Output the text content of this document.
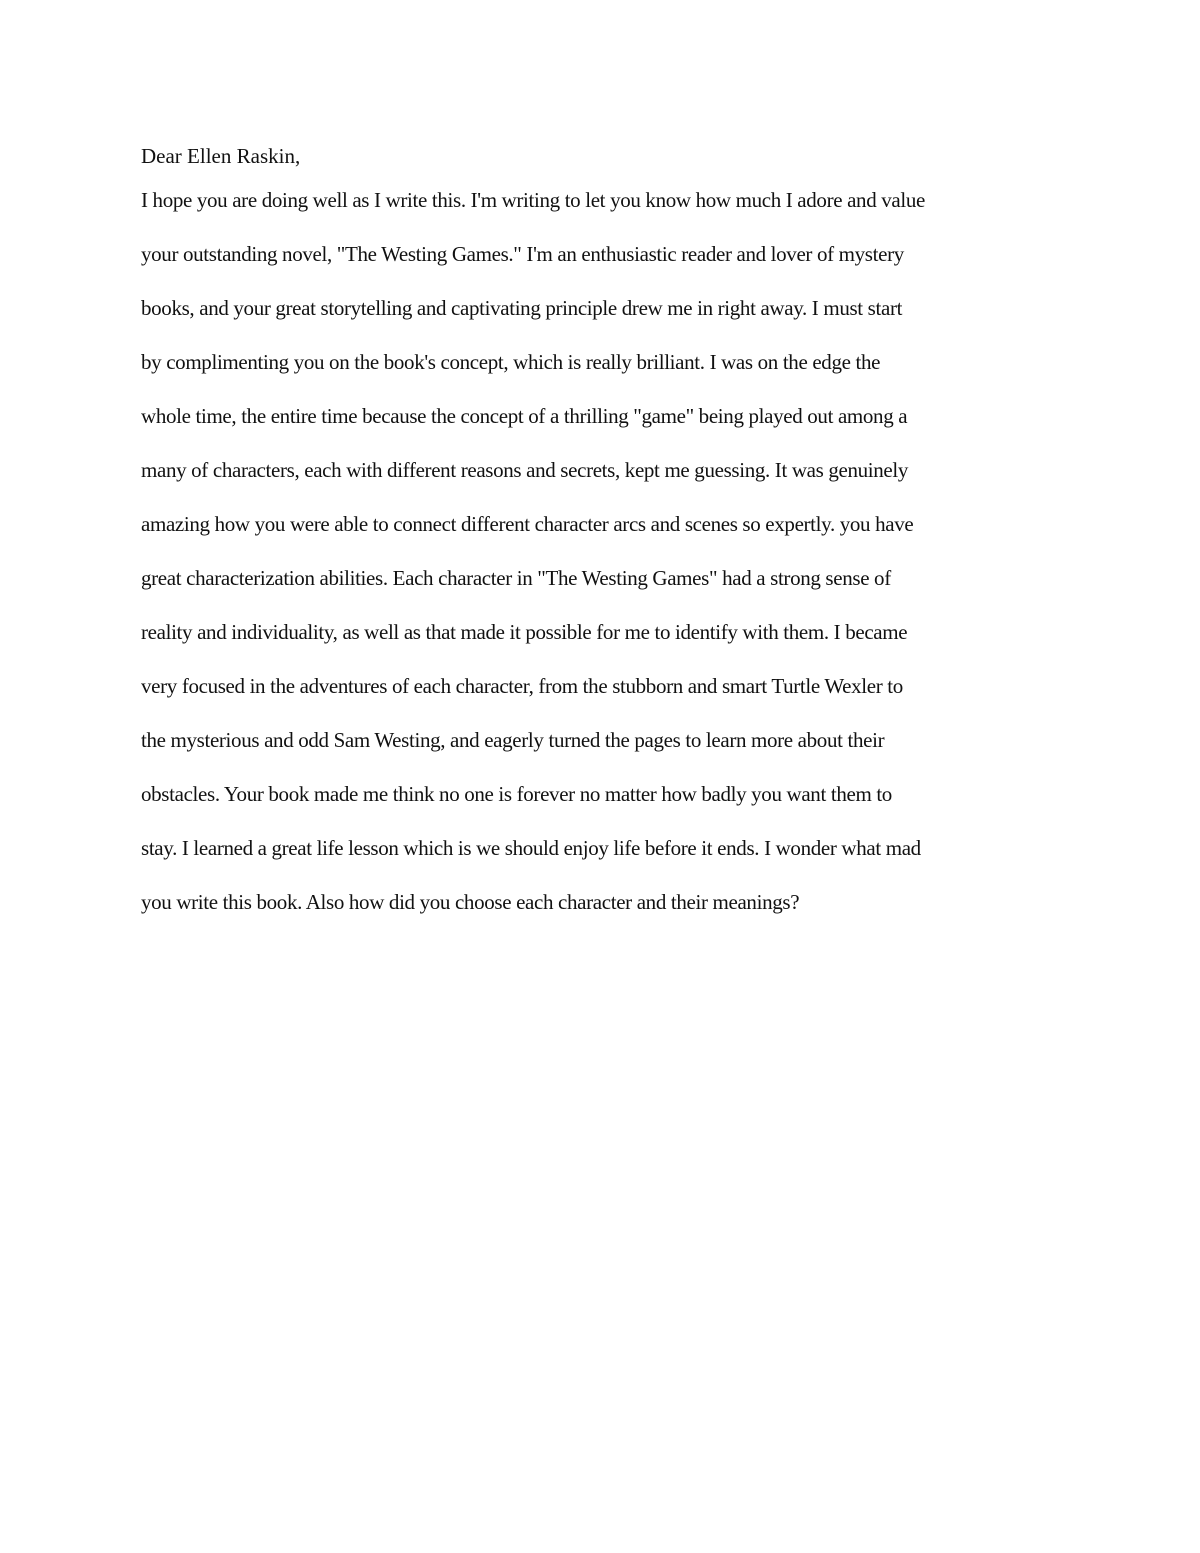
Dear Ellen Raskin,

I hope you are doing well as I write this. I'm writing to let you know how much I adore and value
your outstanding novel, "The Westing Games." I'm an enthusiastic reader and lover of mystery
books, and your great storytelling and captivating principle drew me in right away. I must start
by complimenting you on the book's concept, which is really brilliant. I was on the edge the
whole time, the entire time because the concept of a thrilling "game" being played out among a
many of characters, each with different reasons and secrets, kept me guessing. It was genuinely
amazing how you were able to connect different character arcs and scenes so expertly. you have
great characterization abilities. Each character in "The Westing Games" had a strong sense of
reality and individuality, as well as that made it possible for me to identify with them. I became
very focused in the adventures of each character, from the stubborn and smart Turtle Wexler to
the mysterious and odd Sam Westing, and eagerly turned the pages to learn more about their
obstacles. Your book made me think no one is forever no matter how badly you want them to
stay. I learned a great life lesson which is we should enjoy life before it ends. I wonder what mad
you write this book. Also how did you choose each character and their meanings?
